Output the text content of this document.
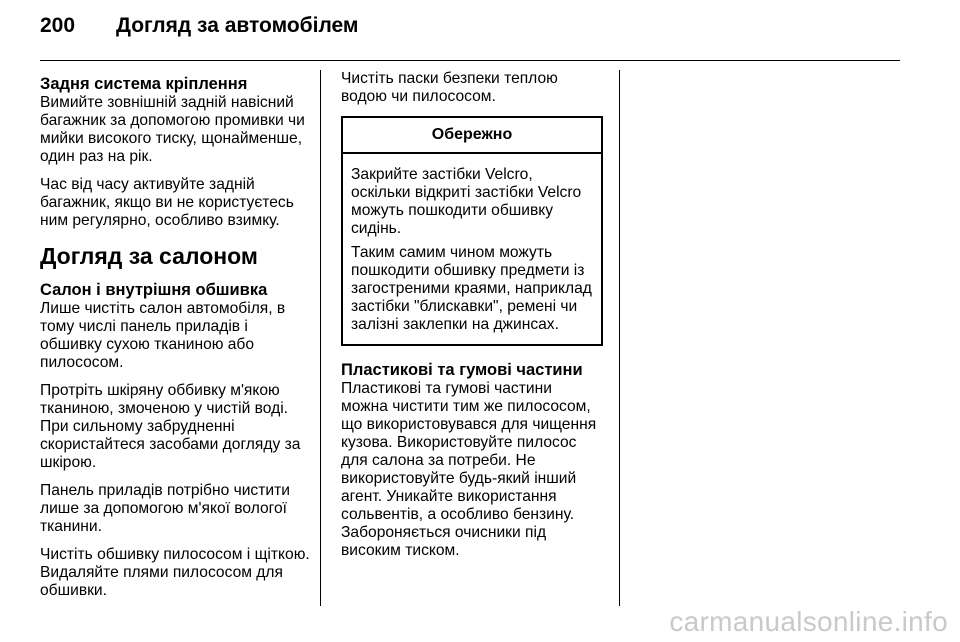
200	Догляд за автомобілем
Задня система кріплення

Вимийте зовнішній задній навісний багажник за допомогою промивки чи мийки високого тиску, щонайменше, один раз на рік.

Час від часу активуйте задній багажник, якщо ви не користуєтесь ним регулярно, особливо взимку.

Догляд за салоном
Салон і внутрішня обшивка

Лише чистіть салон автомобіля, в тому числі панель приладів і обшивку сухою тканиною або пилососом.

Протріть шкіряну оббивку м'якою тканиною, змоченою у чистій воді. При сильному забрудненні скористайтеся засобами догляду за шкірою.

Панель приладів потрібно чистити лише за допомогою м'якої вологої тканини.

Чистіть обшивку пилососом і щіткою. Видаляйте плями пилососом для обшивки.

Чистіть паски безпеки теплою водою чи пилососом.

Обережно

Закрийте застібки Velcro, оскільки відкриті застібки Velcro можуть пошкодити обшивку сидінь.

Таким самим чином можуть пошкодити обшивку предмети із загостреними краями, наприклад застібки "блискавки", ремені чи залізні заклепки на джинсах.

Пластикові та гумові частини

Пластикові та гумові частини можна чистити тим же пилососом, що використовувався для чищення кузова. Використовуйте пилосос для салона за потреби. Не використовуйте будь-який інший агент. Уникайте використання сольвентів, а особливо бензину. Забороняється очисники під високим тиском.

carmanualsonline.info
